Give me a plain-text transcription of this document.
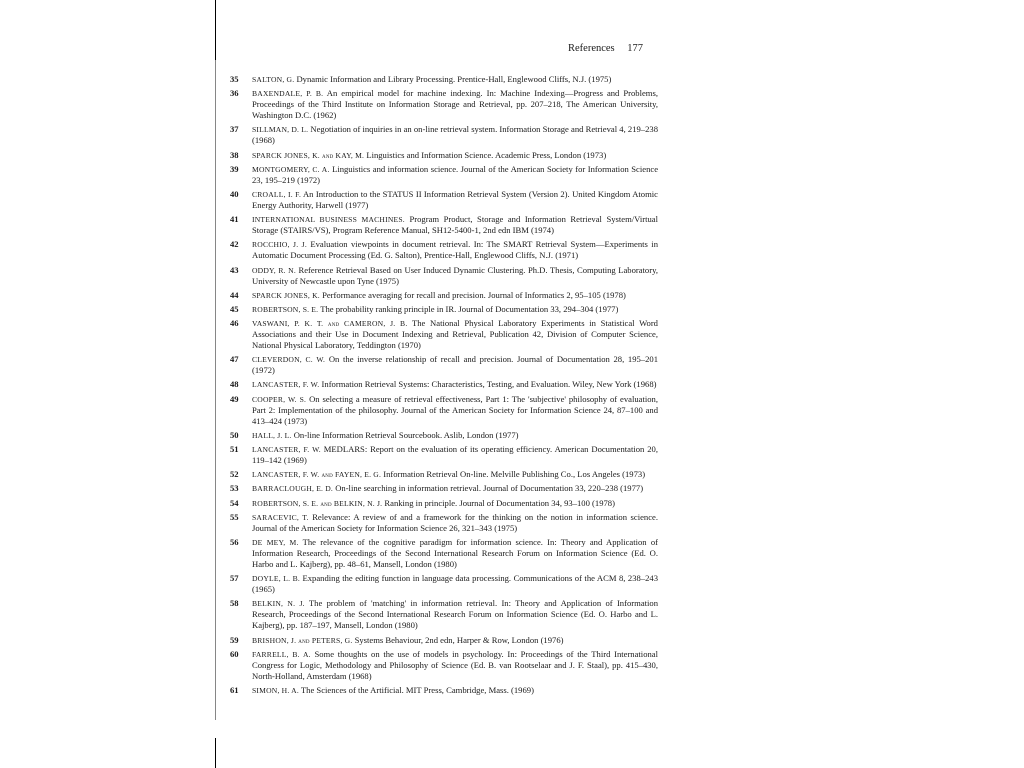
References 177
35	SALTON, G. Dynamic Information and Library Processing. Prentice-Hall, Englewood Cliffs, N.J. (1975)
36	BAXENDALE, P. B. An empirical model for machine indexing. In: Machine Indexing—Progress and Problems, Proceedings of the Third Institute on Information Storage and Retrieval, pp. 207–218, The American University, Washington D.C. (1962)
37	SILLMAN, D. L. Negotiation of inquiries in an on-line retrieval system. Information Storage and Retrieval 4, 219–238 (1968)
38	SPARCK JONES, K. and KAY, M. Linguistics and Information Science. Academic Press, London (1973)
39	MONTGOMERY, C. A. Linguistics and information science. Journal of the American Society for Information Science 23, 195–219 (1972)
40	CROALL, I. F. An Introduction to the STATUS II Information Retrieval System (Version 2). United Kingdom Atomic Energy Authority, Harwell (1977)
41	INTERNATIONAL BUSINESS MACHINES. Program Product, Storage and Information Retrieval System/Virtual Storage (STAIRS/VS), Program Reference Manual, SH12-5400-1, 2nd edn IBM (1974)
42	ROCCHIO, J. J. Evaluation viewpoints in document retrieval. In: The SMART Retrieval System—Experiments in Automatic Document Processing (Ed. G. Salton), Prentice-Hall, Englewood Cliffs, N.J. (1971)
43	ODDY, R. N. Reference Retrieval Based on User Induced Dynamic Clustering. Ph.D. Thesis, Computing Laboratory, University of Newcastle upon Tyne (1975)
44	SPARCK JONES, K. Performance averaging for recall and precision. Journal of Informatics 2, 95–105 (1978)
45	ROBERTSON, S. E. The probability ranking principle in IR. Journal of Documentation 33, 294–304 (1977)
46	VASWANI, P. K. T. and CAMERON, J. B. The National Physical Laboratory Experiments in Statistical Word Associations and their Use in Document Indexing and Retrieval, Publication 42, Division of Computer Science, National Physical Laboratory, Teddington (1970)
47	CLEVERDON, C. W. On the inverse relationship of recall and precision. Journal of Documentation 28, 195–201 (1972)
48	LANCASTER, F. W. Information Retrieval Systems: Characteristics, Testing, and Evaluation. Wiley, New York (1968)
49	COOPER, W. S. On selecting a measure of retrieval effectiveness, Part 1: The 'subjective' philosophy of evaluation, Part 2: Implementation of the philosophy. Journal of the American Society for Information Science 24, 87–100 and 413–424 (1973)
50	HALL, J. L. On-line Information Retrieval Sourcebook. Aslib, London (1977)
51	LANCASTER, F. W. MEDLARS: Report on the evaluation of its operating efficiency. American Documentation 20, 119–142 (1969)
52	LANCASTER, F. W. and FAYEN, E. G. Information Retrieval On-line. Melville Publishing Co., Los Angeles (1973)
53	BARRACLOUGH, E. D. On-line searching in information retrieval. Journal of Documentation 33, 220–238 (1977)
54	ROBERTSON, S. E. and BELKIN, N. J. Ranking in principle. Journal of Documentation 34, 93–100 (1978)
55	SARACEVIC, T. Relevance: A review of and a framework for the thinking on the notion in information science. Journal of the American Society for Information Science 26, 321–343 (1975)
56	DE MEY, M. The relevance of the cognitive paradigm for information science. In: Theory and Application of Information Research, Proceedings of the Second International Research Forum on Information Science (Ed. O. Harbo and L. Kajberg), pp. 48–61, Mansell, London (1980)
57	DOYLE, L. B. Expanding the editing function in language data processing. Communications of the ACM 8, 238–243 (1965)
58	BELKIN, N. J. The problem of 'matching' in information retrieval. In: Theory and Application of Information Research, Proceedings of the Second International Research Forum on Information Science (Ed. O. Harbo and L. Kajberg), pp. 187–197, Mansell, London (1980)
59	BRISHON, J. and PETERS, G. Systems Behaviour, 2nd edn, Harper & Row, London (1976)
60	FARRELL, B. A. Some thoughts on the use of models in psychology. In: Proceedings of the Third International Congress for Logic, Methodology and Philosophy of Science (Ed. B. van Rootselaar and J. F. Staal), pp. 415–430, North-Holland, Amsterdam (1968)
61	SIMON, H. A. The Sciences of the Artificial. MIT Press, Cambridge, Mass. (1969)
